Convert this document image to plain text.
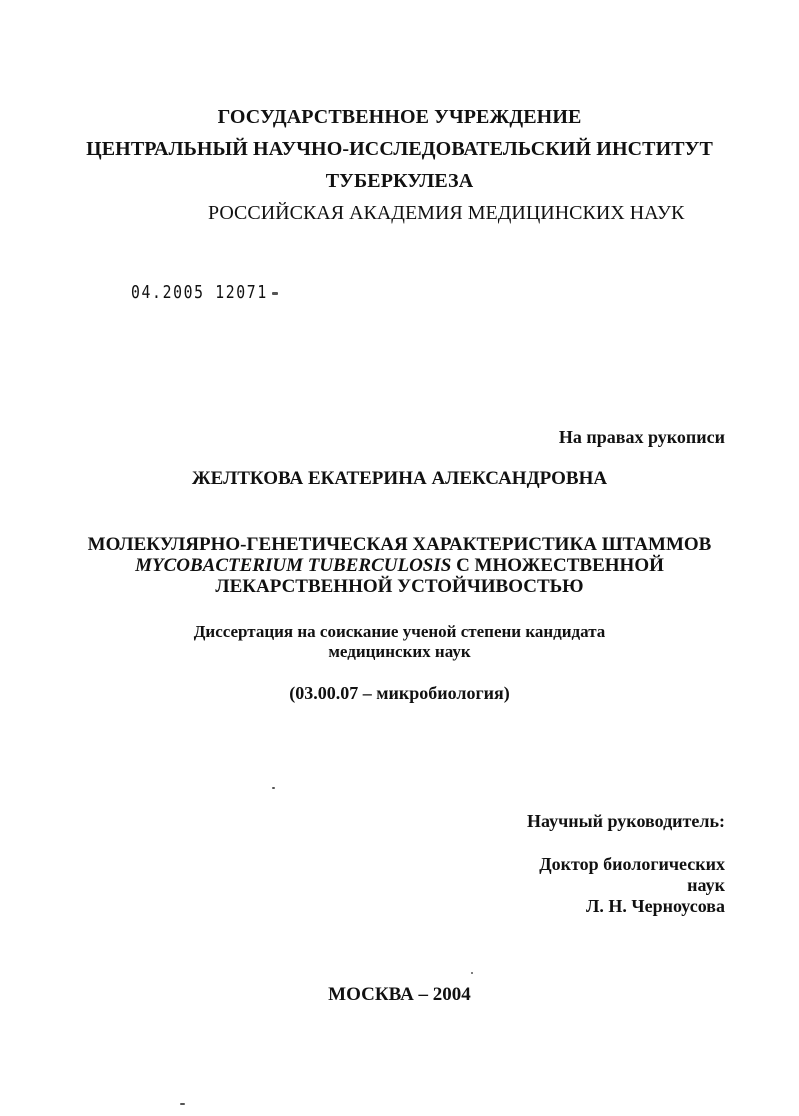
ГОСУДАРСТВЕННОЕ УЧРЕЖДЕНИЕ
ЦЕНТРАЛЬНЫЙ НАУЧНО-ИССЛЕДОВАТЕЛЬСКИЙ ИНСТИТУТ
ТУБЕРКУЛЕЗА
РОССИЙСКАЯ АКАДЕМИЯ МЕДИЦИНСКИХ НАУК
04.2005 12071
На правах рукописи
ЖЕЛТКОВА ЕКАТЕРИНА АЛЕКСАНДРОВНА
МОЛЕКУЛЯРНО-ГЕНЕТИЧЕСКАЯ ХАРАКТЕРИСТИКА ШТАММОВ
MYCOBACTERIUM TUBERCULOSIS С МНОЖЕСТВЕННОЙ
ЛЕКАРСТВЕННОЙ УСТОЙЧИВОСТЬЮ
Диссертация на соискание ученой степени кандидата
медицинских наук
(03.00.07 – микробиология)
Научный руководитель:
Доктор биологических
наук
Л. Н. Черноусова
МОСКВА – 2004
